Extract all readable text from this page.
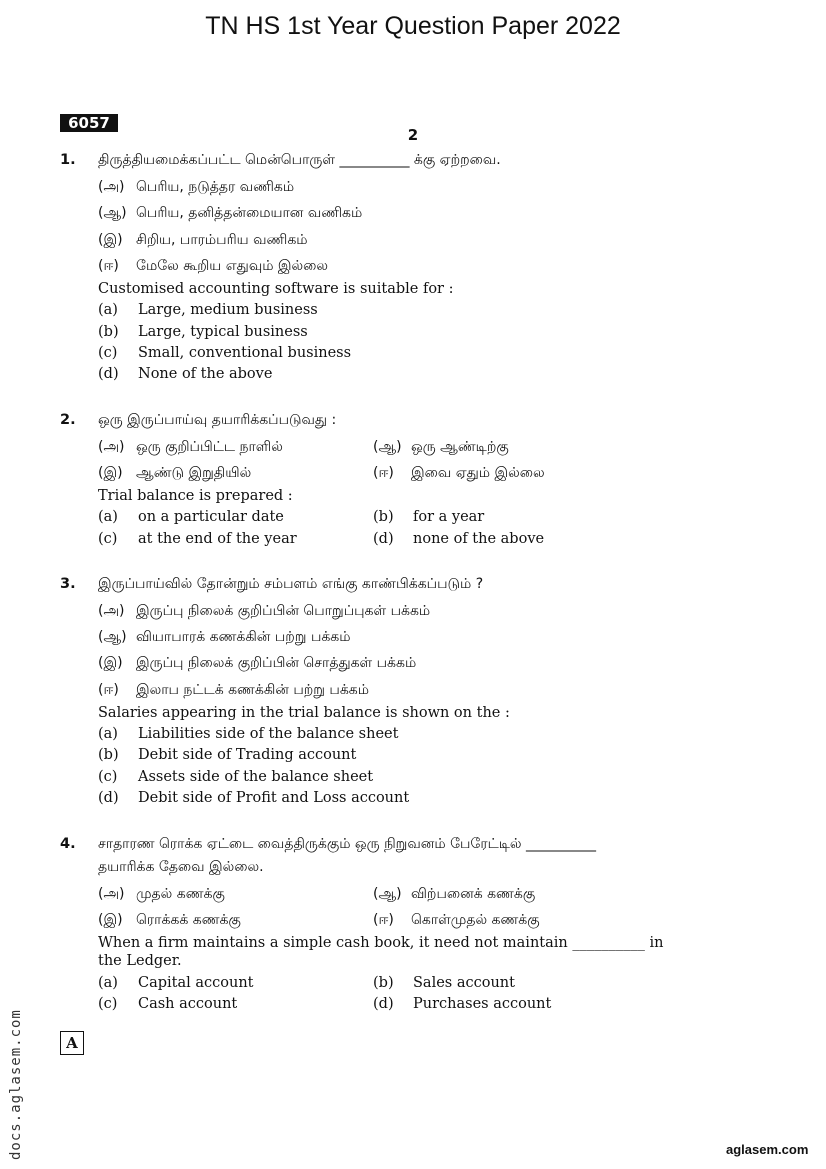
TN HS 1st Year Question Paper 2022
6057
2
1. திருத்தியமைக்கப்பட்ட மென்பொருள் __________ க்கு ஏற்றவை.
(அ) பெரிய, நடுத்தர வணிகம்
(ஆ) பெரிய, தனித்தன்மையான வணிகம்
(இ) சிறிய, பாரம்பரிய வணிகம்
(ஈ) மேலே கூறிய எதுவும் இல்லை
Customised accounting software is suitable for :
(a) Large, medium business
(b) Large, typical business
(c) Small, conventional business
(d) None of the above
2. ஒரு இருப்பாய்வு தயாரிக்கப்படுவது :
(அ) ஒரு குறிப்பிட்ட நாளில்	(ஆ) ஒரு ஆண்டிற்கு
(இ) ஆண்டு இறுதியில்	(ஈ) இவை ஏதும் இல்லை
Trial balance is prepared :
(a) on a particular date	(b) for a year
(c) at the end of the year	(d) none of the above
3. இருப்பாய்வில் தோன்றும் சம்பளம் எங்கு காண்பிக்கப்படும் ?
(அ) இருப்பு நிலைக் குறிப்பின் பொறுப்புகள் பக்கம்
(ஆ) வியாபாரக் கணக்கின் பற்று பக்கம்
(இ) இருப்பு நிலைக் குறிப்பின் சொத்துகள் பக்கம்
(ஈ) இலாப நட்டக் கணக்கின் பற்று பக்கம்
Salaries appearing in the trial balance is shown on the :
(a) Liabilities side of the balance sheet
(b) Debit side of Trading account
(c) Assets side of the balance sheet
(d) Debit side of Profit and Loss account
4. சாதாரண ரொக்க ஏட்டை வைத்திருக்கும் ஒரு நிறுவனம் பேரேட்டில் __________
தயாரிக்க தேவை இல்லை.
(அ) முதல் கணக்கு	(ஆ) விற்பனைக் கணக்கு
(இ) ரொக்கக் கணக்கு	(ஈ) கொள்முதல் கணக்கு
When a firm maintains a simple cash book, it need not maintain __________ in
the Ledger.
(a) Capital account	(b) Sales account
(c) Cash account	(d) Purchases account
A
docs.aglasem.com	aglasem.com
